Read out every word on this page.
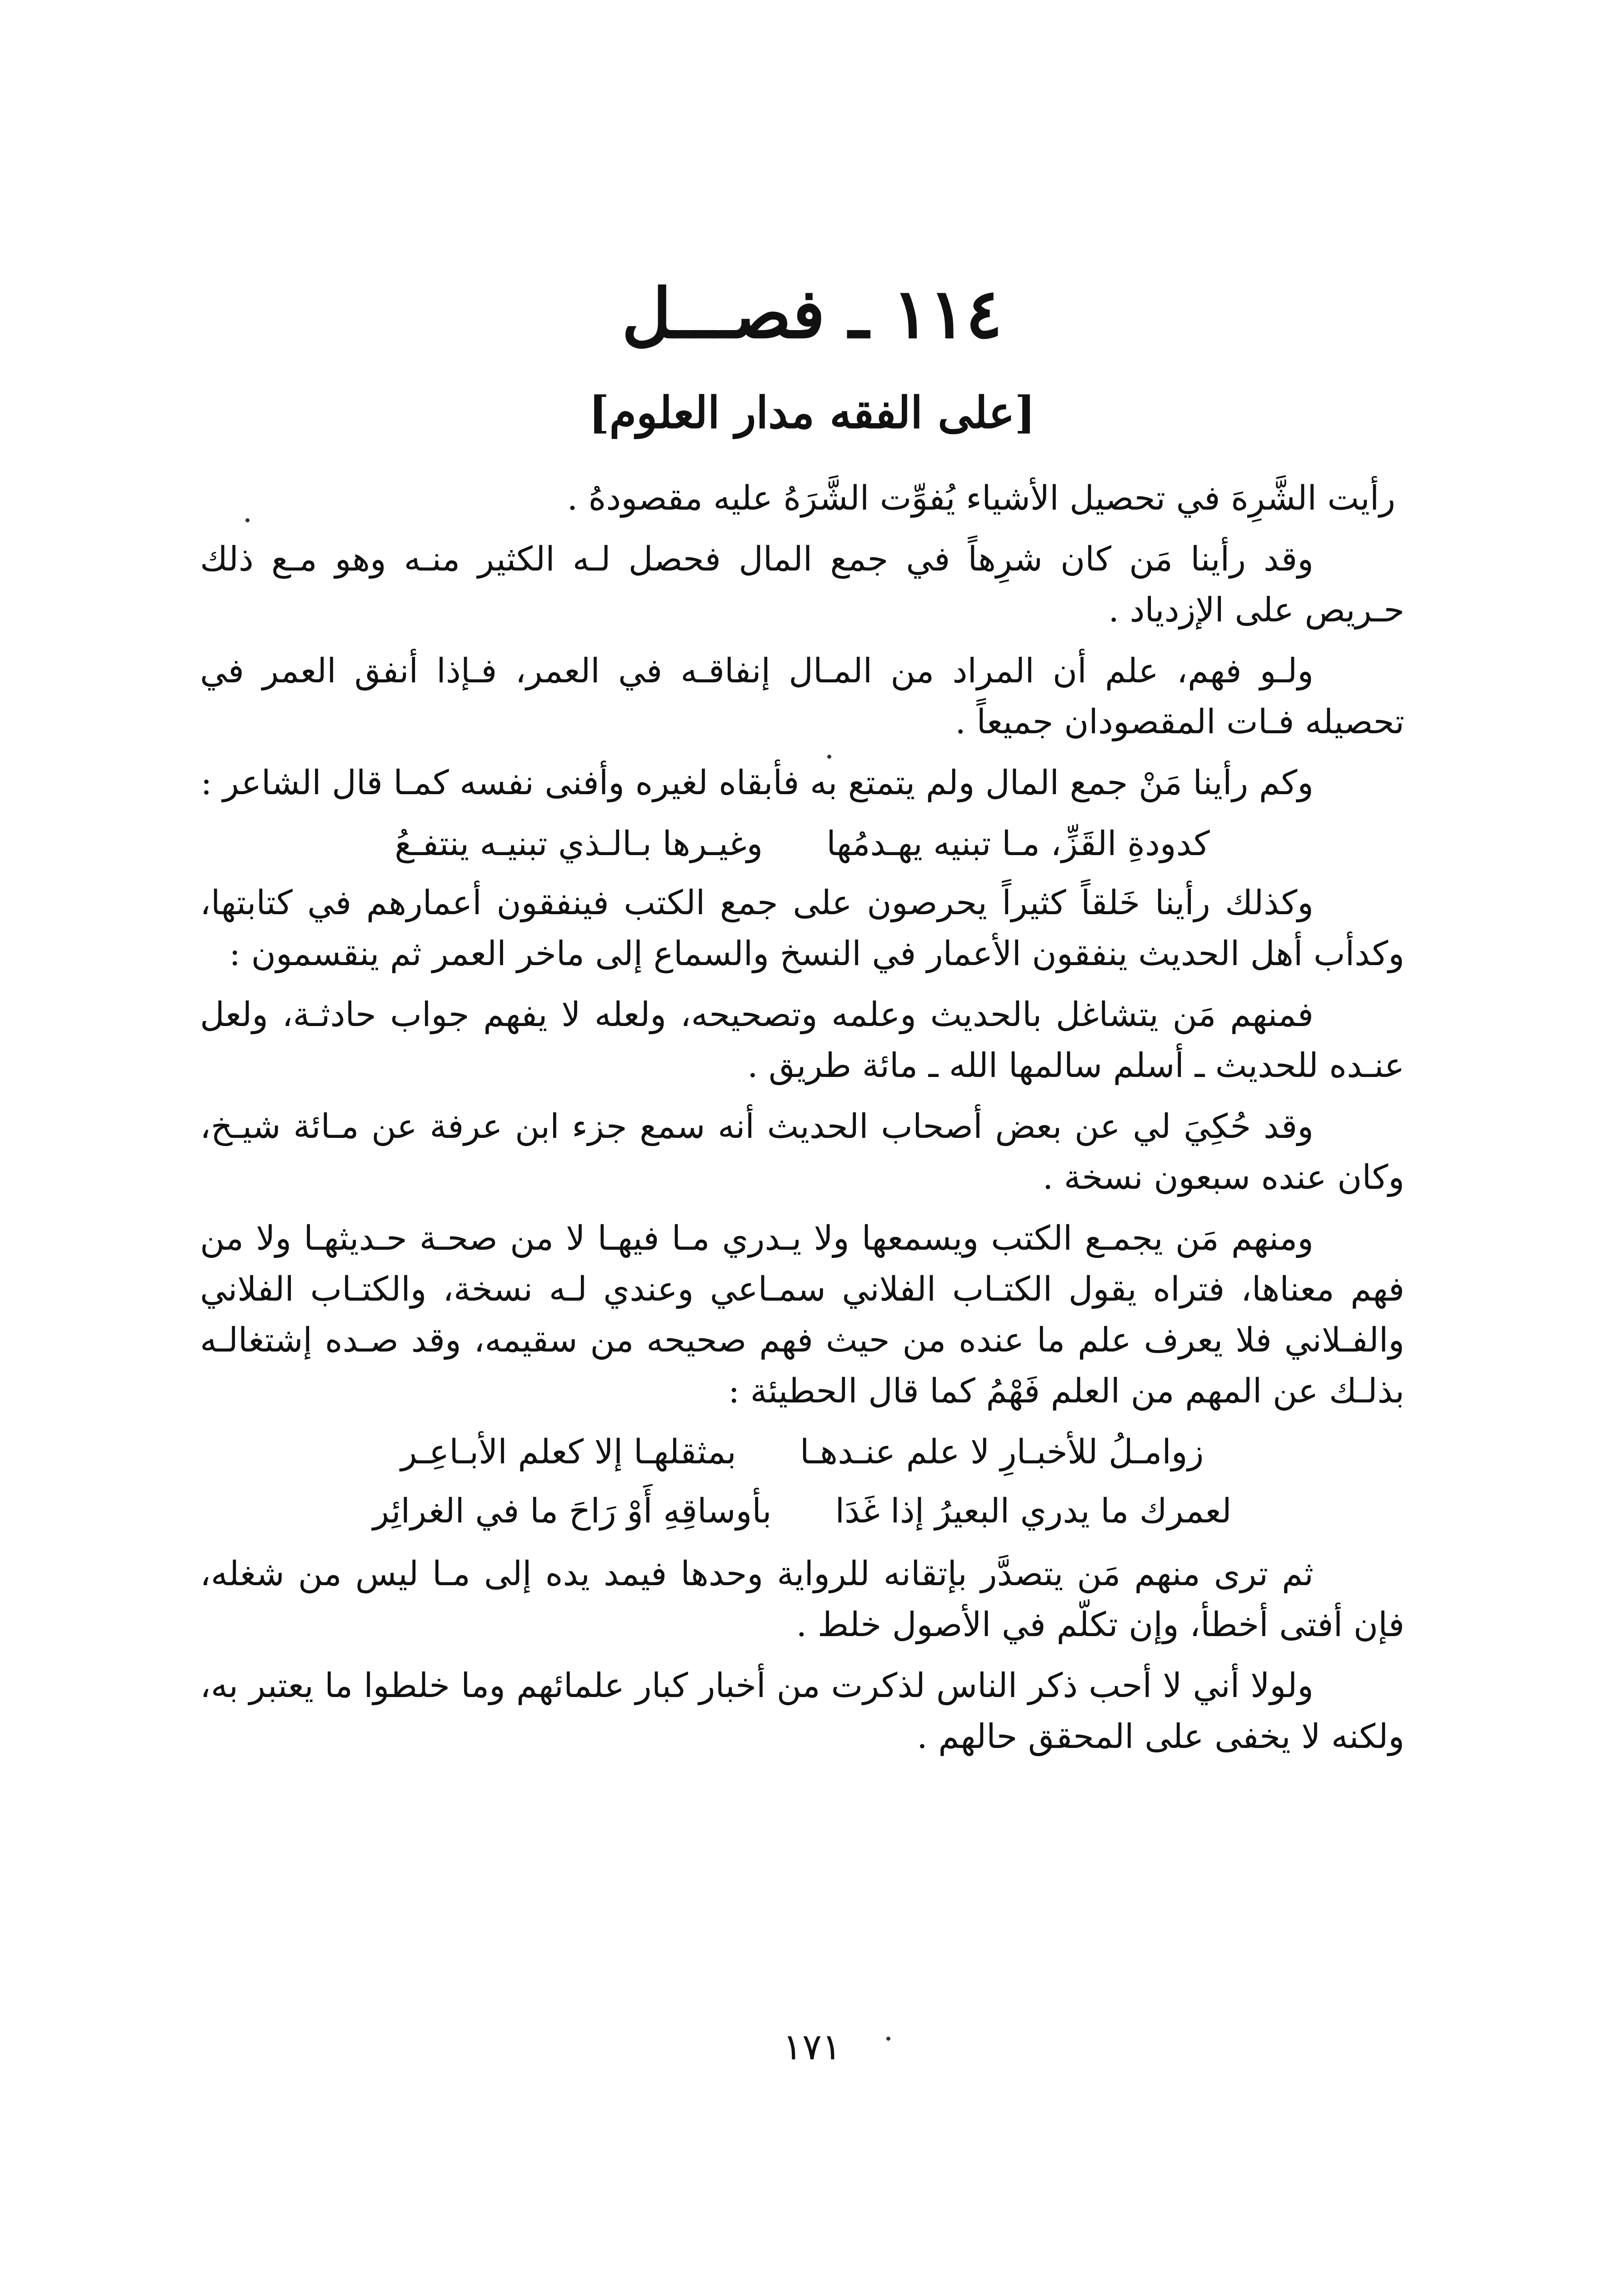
١١٤ ـ فصـــل
[على الفقه مدار العلوم]

رأيت الشَّرِهَ في تحصيل الأشياء يُفوِّت الشَّرَهُ عليه مقصودهُ .

وقد رأينا مَن كان شرِهاً في جمع المال فحصل لـه الكثير منـه وهو مـع ذلك حـريص على الإزدياد .

ولـو فهم، علم أن المراد من المـال إنفاقـه في العمر، فـإذا أنفق العمر في تحصيله فـات المقصودان جميعاً .

وكم رأينا مَنْ جمع المال ولم يتمتع به فأبقاه لغيره وأفنى نفسه كمـا قال الشاعر :

كدودةِ القَزِّ، مـا تبنيه يهـدمُها
وغيـرها بـالـذي تبنيـه ينتفـعُ

وكذلك رأينا خَلقاً كثيراً يحرصون على جمع الكتب فينفقون أعمارهم في كتابتها، وكدأب أهل الحديث ينفقون الأعمار في النسخ والسماع إلى ماخر العمر ثم ينقسمون :

فمنهم مَن يتشاغل بالحديث وعلمه وتصحيحه، ولعله لا يفهم جواب حادثـة، ولعل عنـده للحديث ـ أسلم سالمها الله ـ مائة طريق .

وقد حُكِيَ لي عن بعض أصحاب الحديث أنه سمع جزء ابن عرفة عن مـائة شيـخ، وكان عنده سبعون نسخة .

ومنهم مَن يجمـع الكتب ويسمعها ولا يـدري مـا فيهـا لا من صحـة حـديثهـا ولا من فهم معناها، فتراه يقول الكتـاب الفلاني سمـاعي وعندي لـه نسخة، والكتـاب الفلاني والفـلاني فلا يعرف علم ما عنده من حيث فهم صحيحه من سقيمه، وقد صـده إشتغالـه بذلـك عن المهم من العلم فَهْمُ كما قال الحطيئة :

زوامـلُ للأخبـارِ لا علم عنـدهـا
بمثقلهـا إلا كعلم الأبـاعِـر
لعمرك ما يدري البعيرُ إذا غَدَا
بأوساقِهِ أَوْ رَاحَ ما في الغرائِر

ثم ترى منهم مَن يتصدَّر بإتقانه للرواية وحدها فيمد يده إلى مـا ليس من شغله، فإن أفتى أخطأ، وإن تكلّم في الأصول خلط .

ولولا أني لا أحب ذكر الناس لذكرت من أخبار كبار علمائهم وما خلطوا ما يعتبر به، ولكنه لا يخفى على المحقق حالهم .

١٧١
